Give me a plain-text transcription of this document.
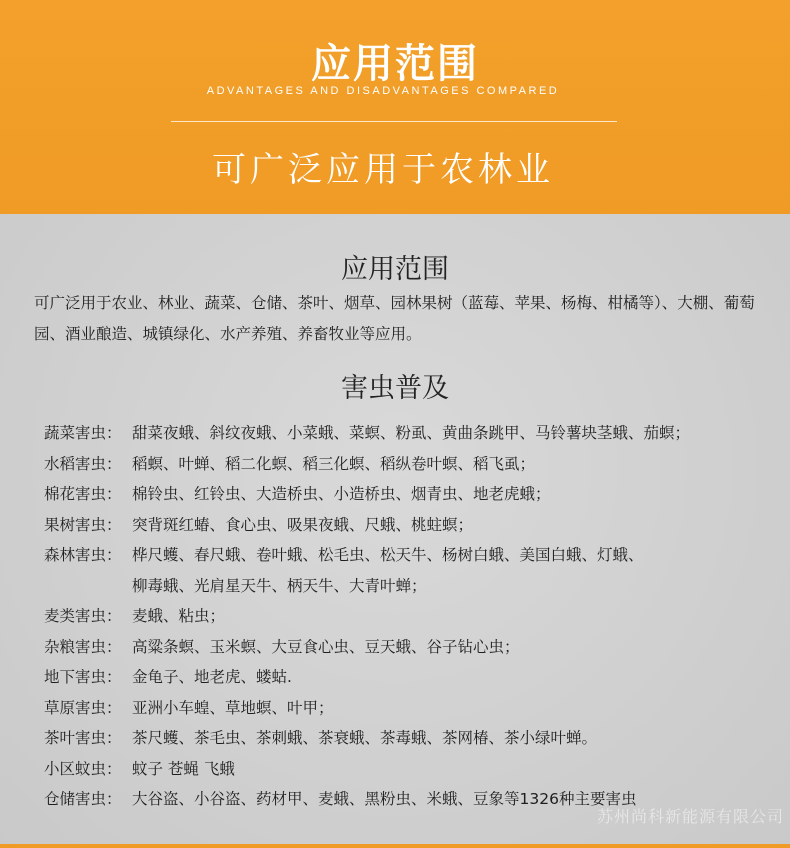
应用范围
ADVANTAGES AND DISADVANTAGES COMPARED
可广泛应用于农林业
应用范围
可广泛用于农业、林业、蔬菜、仓储、茶叶、烟草、园林果树（蓝莓、苹果、杨梅、柑橘等）、大棚、葡萄园、酒业酿造、城镇绿化、水产养殖、养畜牧业等应用。
害虫普及
蔬菜害虫： 甜菜夜蛾、斜纹夜蛾、小菜蛾、菜螟、粉虱、黄曲条跳甲、马铃薯块茎蛾、茄螟；
水稻害虫： 稻螟、叶蝉、稻二化螟、稻三化螟、稻纵卷叶螟、稻飞虱；
棉花害虫： 棉铃虫、红铃虫、大造桥虫、小造桥虫、烟青虫、地老虎蛾；
果树害虫： 突背斑红蝽、食心虫、吸果夜蛾、尺蛾、桃蛀螟；
森林害虫： 桦尺蠖、春尺蛾、卷叶蛾、松毛虫、松天牛、杨树白蛾、美国白蛾、灯蛾、
柳毒蛾、光肩星天牛、柄天牛、大青叶蝉；
麦类害虫： 麦蛾、粘虫；
杂粮害虫： 高粱条螟、玉米螟、大豆食心虫、豆天蛾、谷子钻心虫；
地下害虫： 金龟子、地老虎、蝼蛄.
草原害虫： 亚洲小车蝗、草地螟、叶甲；
茶叶害虫： 茶尺蠖、茶毛虫、茶刺蛾、茶衰蛾、茶毒蛾、茶网椿、茶小绿叶蝉。
小区蚊虫： 蚊子 苍蝇 飞蛾
仓储害虫： 大谷盗、小谷盗、药材甲、麦蛾、黑粉虫、米蛾、豆象等1326种主要害虫
苏州尚科新能源有限公司
